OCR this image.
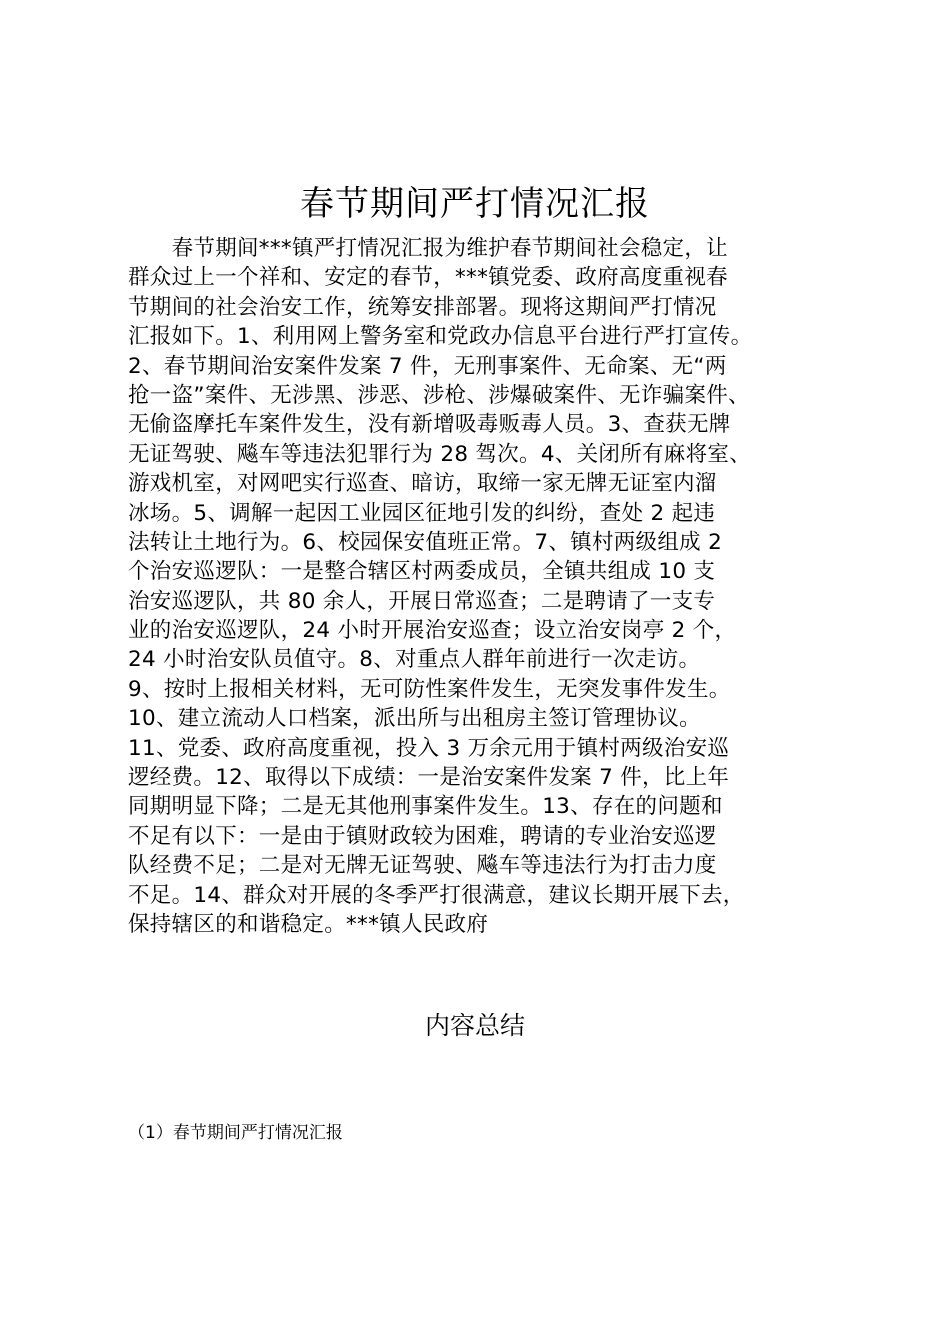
春节期间严打情况汇报
　　春节期间***镇严打情况汇报为维护春节期间社会稳定，让
群众过上一个祥和、安定的春节，***镇党委、政府高度重视春
节期间的社会治安工作，统筹安排部署。现将这期间严打情况
汇报如下。1、利用网上警务室和党政办信息平台进行严打宣传。
2、春节期间治安案件发案 7 件，无刑事案件、无命案、无“两
抢一盗”案件、无涉黑、涉恶、涉枪、涉爆破案件、无诈骗案件、
无偷盗摩托车案件发生，没有新增吸毒贩毒人员。3、查获无牌
无证驾驶、飚车等违法犯罪行为 28 驾次。4、关闭所有麻将室、
游戏机室，对网吧实行巡查、暗访，取缔一家无牌无证室内溜
冰场。5、调解一起因工业园区征地引发的纠纷，查处 2 起违
法转让土地行为。6、校园保安值班正常。7、镇村两级组成 2
个治安巡逻队：一是整合辖区村两委成员，全镇共组成 10 支
治安巡逻队，共 80 余人，开展日常巡查；二是聘请了一支专
业的治安巡逻队，24 小时开展治安巡查；设立治安岗亭 2 个，
24 小时治安队员值守。8、对重点人群年前进行一次走访。
9、按时上报相关材料，无可防性案件发生，无突发事件发生。
10、建立流动人口档案，派出所与出租房主签订管理协议。
11、党委、政府高度重视，投入 3 万余元用于镇村两级治安巡
逻经费。12、取得以下成绩：一是治安案件发案 7 件，比上年
同期明显下降；二是无其他刑事案件发生。13、存在的问题和
不足有以下：一是由于镇财政较为困难，聘请的专业治安巡逻
队经费不足；二是对无牌无证驾驶、飚车等违法行为打击力度
不足。14、群众对开展的冬季严打很满意，建议长期开展下去，
保持辖区的和谐稳定。***镇人民政府
内容总结
（1）春节期间严打情况汇报
